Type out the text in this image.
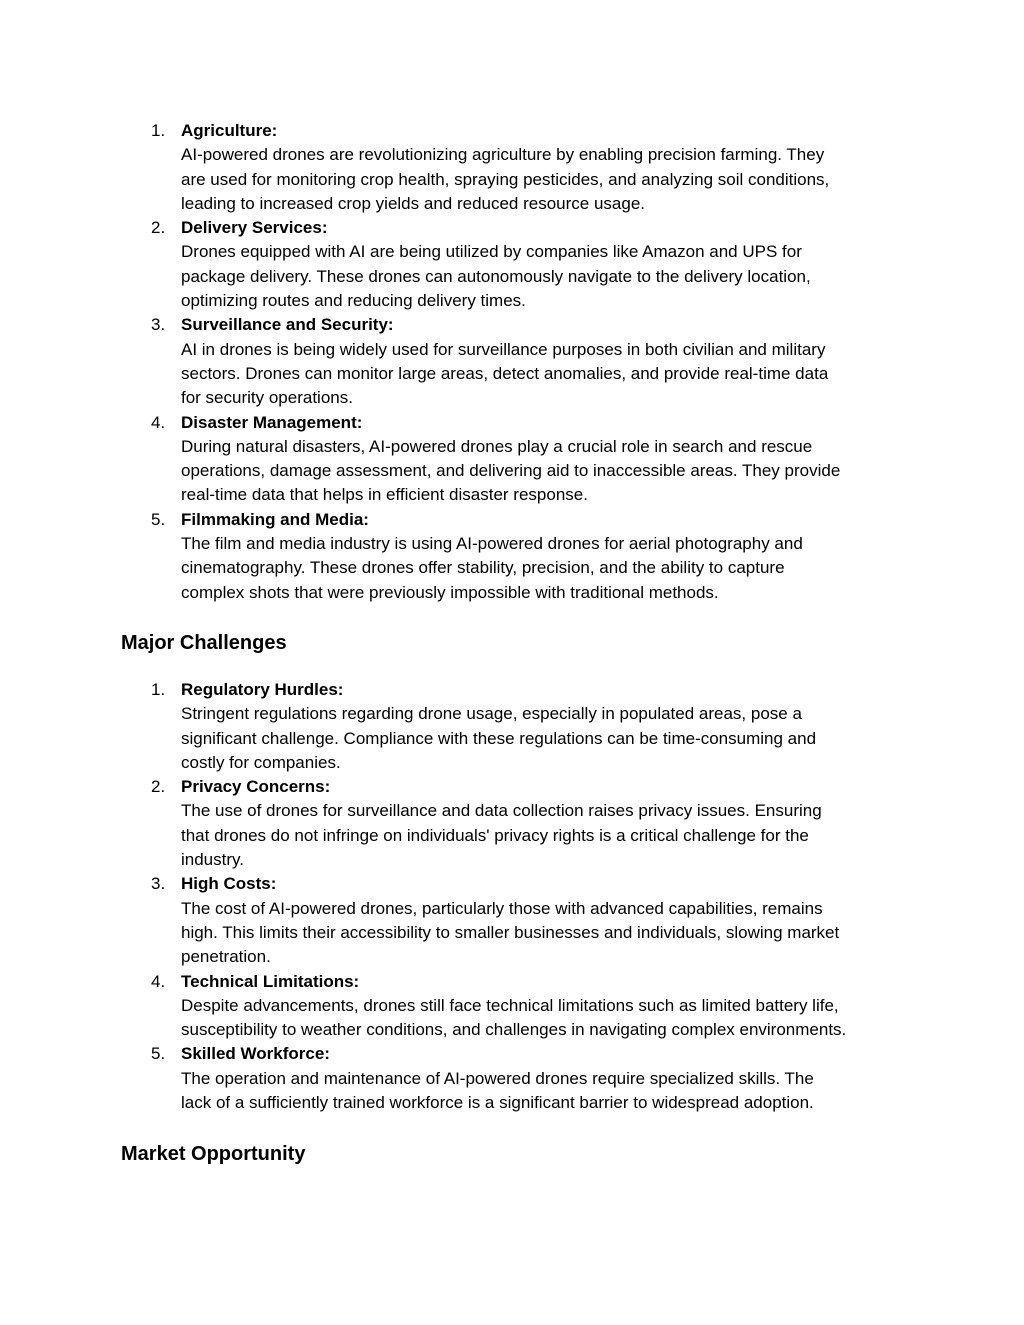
1. Agriculture:
AI-powered drones are revolutionizing agriculture by enabling precision farming. They
are used for monitoring crop health, spraying pesticides, and analyzing soil conditions,
leading to increased crop yields and reduced resource usage.
2. Delivery Services:
Drones equipped with AI are being utilized by companies like Amazon and UPS for
package delivery. These drones can autonomously navigate to the delivery location,
optimizing routes and reducing delivery times.
3. Surveillance and Security:
AI in drones is being widely used for surveillance purposes in both civilian and military
sectors. Drones can monitor large areas, detect anomalies, and provide real-time data
for security operations.
4. Disaster Management:
During natural disasters, AI-powered drones play a crucial role in search and rescue
operations, damage assessment, and delivering aid to inaccessible areas. They provide
real-time data that helps in efficient disaster response.
5. Filmmaking and Media:
The film and media industry is using AI-powered drones for aerial photography and
cinematography. These drones offer stability, precision, and the ability to capture
complex shots that were previously impossible with traditional methods.
Major Challenges
1. Regulatory Hurdles:
Stringent regulations regarding drone usage, especially in populated areas, pose a
significant challenge. Compliance with these regulations can be time-consuming and
costly for companies.
2. Privacy Concerns:
The use of drones for surveillance and data collection raises privacy issues. Ensuring
that drones do not infringe on individuals' privacy rights is a critical challenge for the
industry.
3. High Costs:
The cost of AI-powered drones, particularly those with advanced capabilities, remains
high. This limits their accessibility to smaller businesses and individuals, slowing market
penetration.
4. Technical Limitations:
Despite advancements, drones still face technical limitations such as limited battery life,
susceptibility to weather conditions, and challenges in navigating complex environments.
5. Skilled Workforce:
The operation and maintenance of AI-powered drones require specialized skills. The
lack of a sufficiently trained workforce is a significant barrier to widespread adoption.
Market Opportunity
